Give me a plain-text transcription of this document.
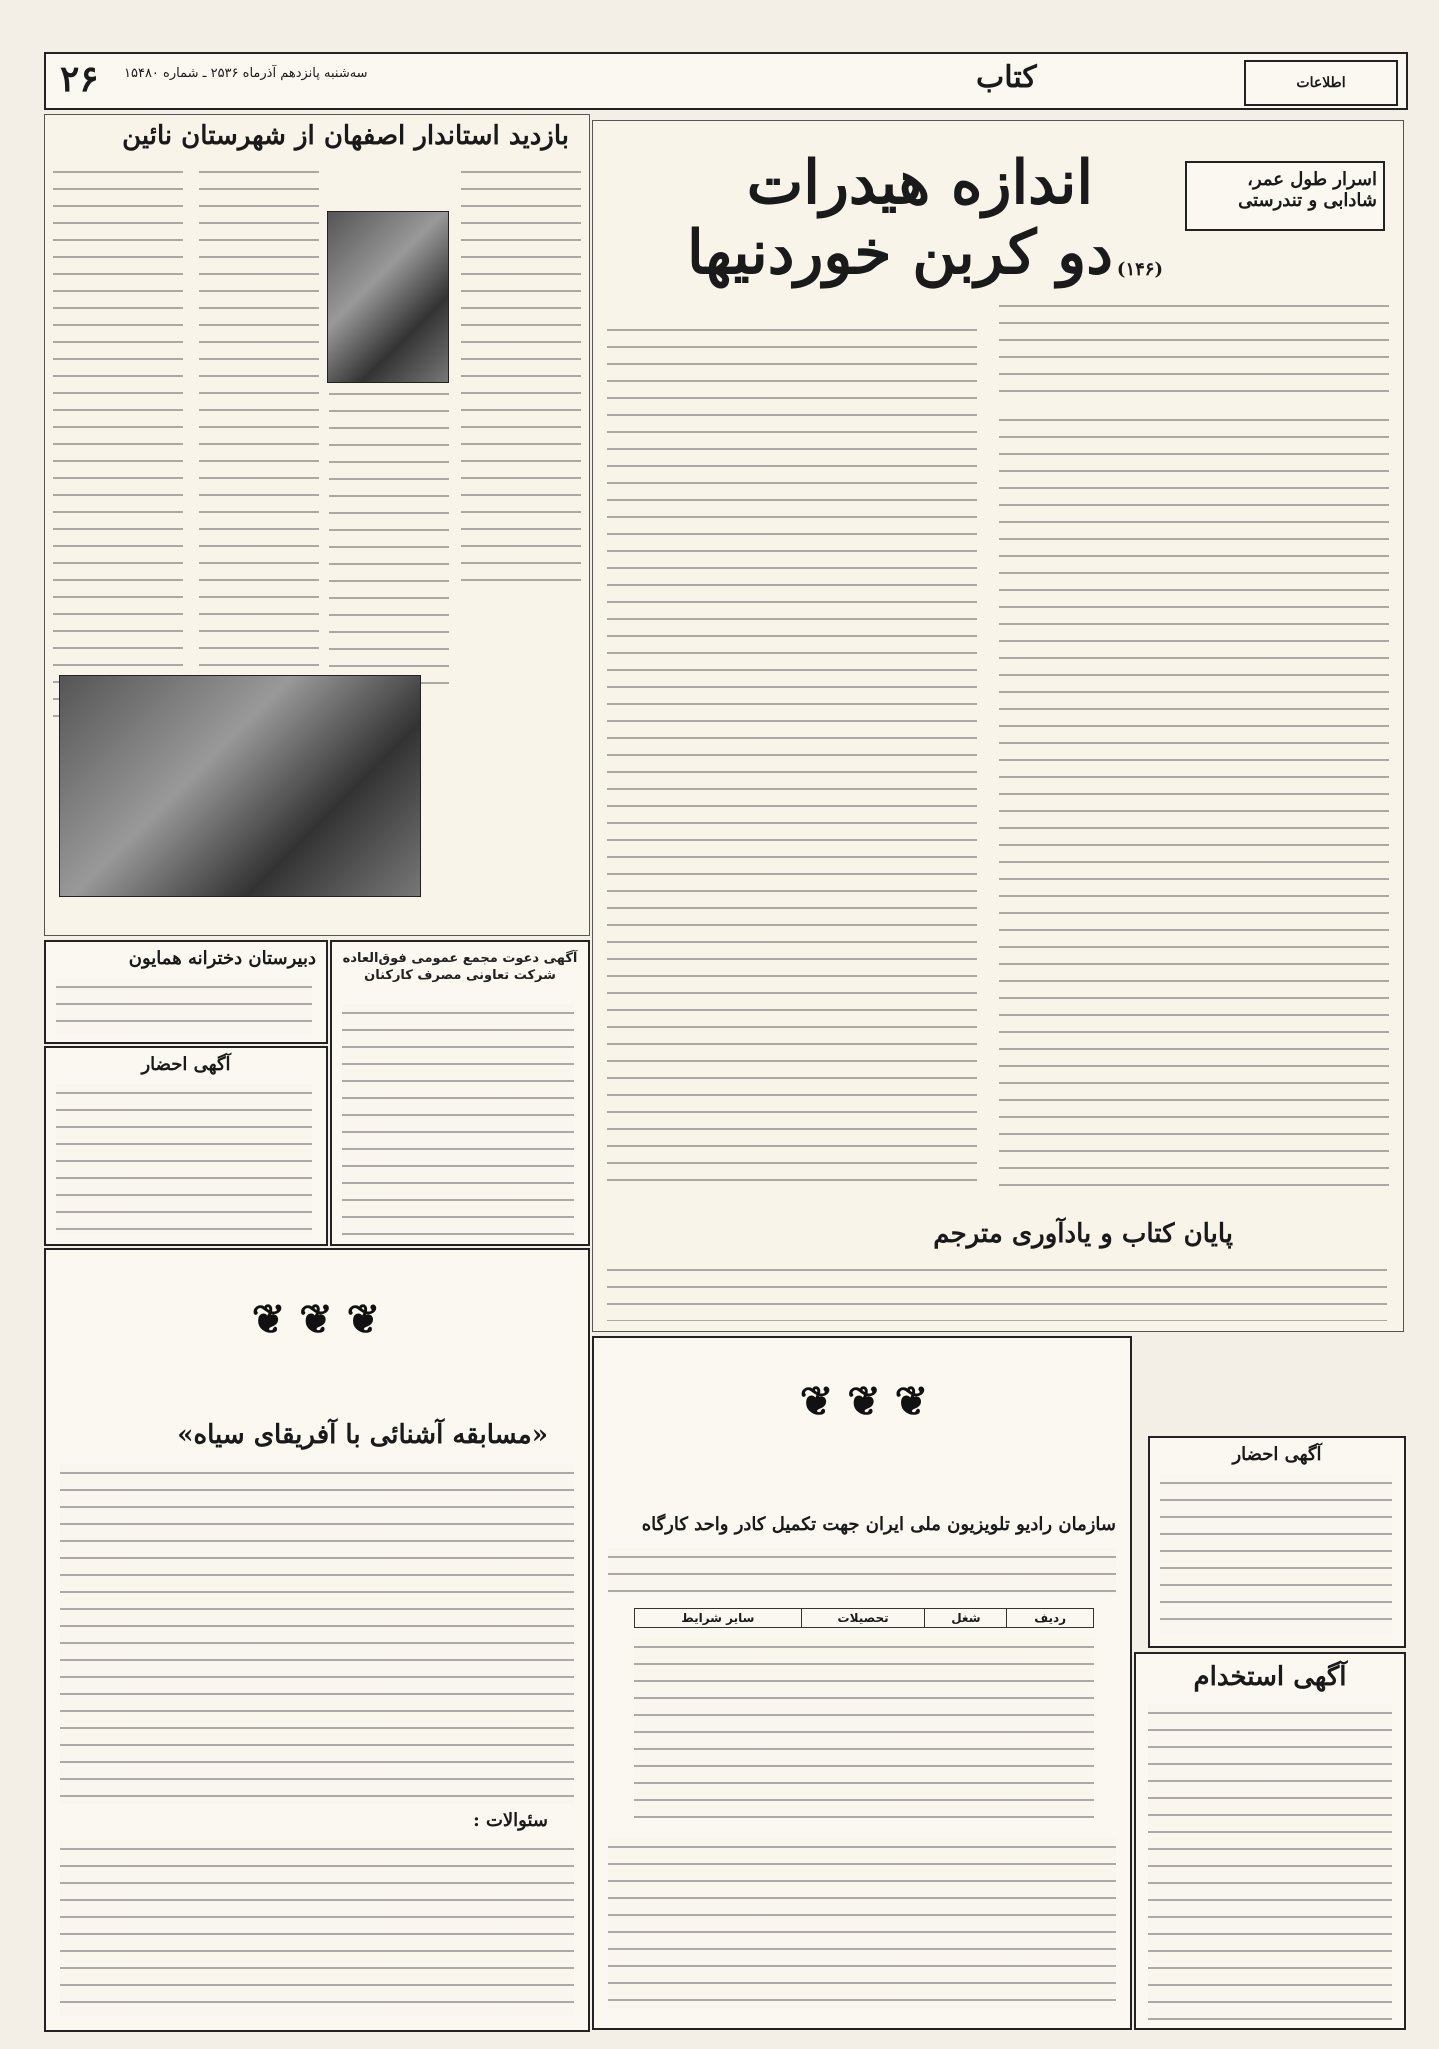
۲۶ سه‌شنبه پانزدهم آذرماه ۲۵۳۶ ـ شماره ۱۵۴۸۰	کتاب	اطلاعات
اسرار طول عمر، شادابی و تندرستی
(۱۴۶)
اندازه هیدرات
دو کربن خوردنیها
پایان کتاب و یادآوری مترجم
بازدید استاندار اصفهان از شهرستان نائین
دبیرستان دخترانه همایون
آگهی احضار
آگهی دعوت مجمع عمومی فوق‌العاده شرکت تعاونی مصرف کارکنان
❦ ❦ ❦
«مسابقه آشنائی با آفریقای سیاه»
سئوالات :
❦ ❦ ❦
سازمان رادیو تلویزیون ملی ایران جهت تکمیل کادر واحد کارگاه
ردیف	شغل	تحصیلات	سایر شرایط
آگهی احضار
آگهی استخدام
